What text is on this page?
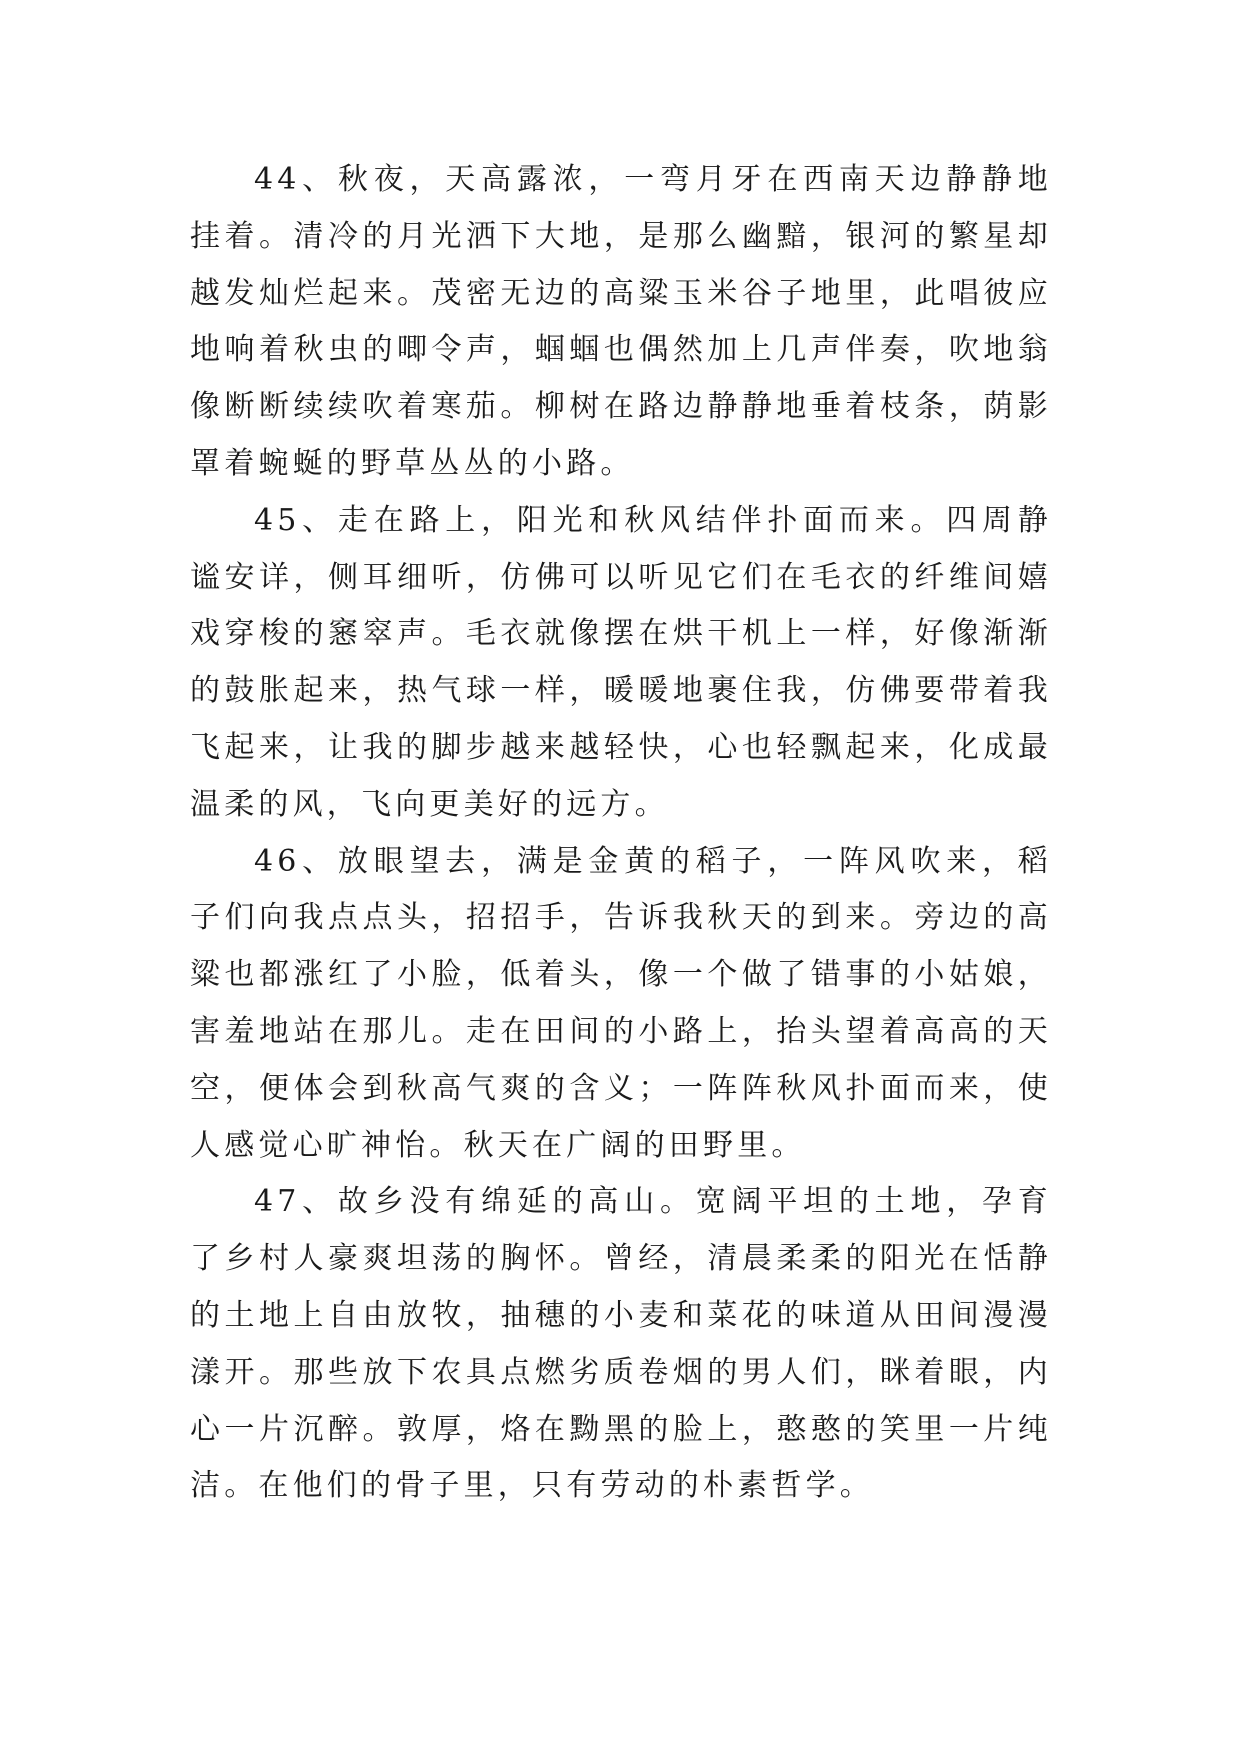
44、秋夜，天高露浓，一弯月牙在西南天边静静地挂着。清冷的月光洒下大地，是那么幽黯，银河的繁星却越发灿烂起来。茂密无边的高粱玉米谷子地里，此唱彼应地响着秋虫的唧令声，蝈蝈也偶然加上几声伴奏，吹地翁像断断续续吹着寒茄。柳树在路边静静地垂着枝条，荫影罩着蜿蜒的野草丛丛的小路。

45、走在路上，阳光和秋风结伴扑面而来。四周静谧安详，侧耳细听，仿佛可以听见它们在毛衣的纤维间嬉戏穿梭的窸窣声。毛衣就像摆在烘干机上一样，好像渐渐的鼓胀起来，热气球一样，暖暖地裹住我，仿佛要带着我飞起来，让我的脚步越来越轻快，心也轻飘起来，化成最温柔的风，飞向更美好的远方。

46、放眼望去，满是金黄的稻子，一阵风吹来，稻子们向我点点头，招招手，告诉我秋天的到来。旁边的高粱也都涨红了小脸，低着头，像一个做了错事的小姑娘，害羞地站在那儿。走在田间的小路上，抬头望着高高的天空，便体会到秋高气爽的含义；一阵阵秋风扑面而来，使人感觉心旷神怡。秋天在广阔的田野里。

47、故乡没有绵延的高山。宽阔平坦的土地，孕育了乡村人豪爽坦荡的胸怀。曾经，清晨柔柔的阳光在恬静的土地上自由放牧，抽穗的小麦和菜花的味道从田间漫漫漾开。那些放下农具点燃劣质卷烟的男人们，眯着眼，内心一片沉醉。敦厚，烙在黝黑的脸上，憨憨的笑里一片纯洁。在他们的骨子里，只有劳动的朴素哲学。
